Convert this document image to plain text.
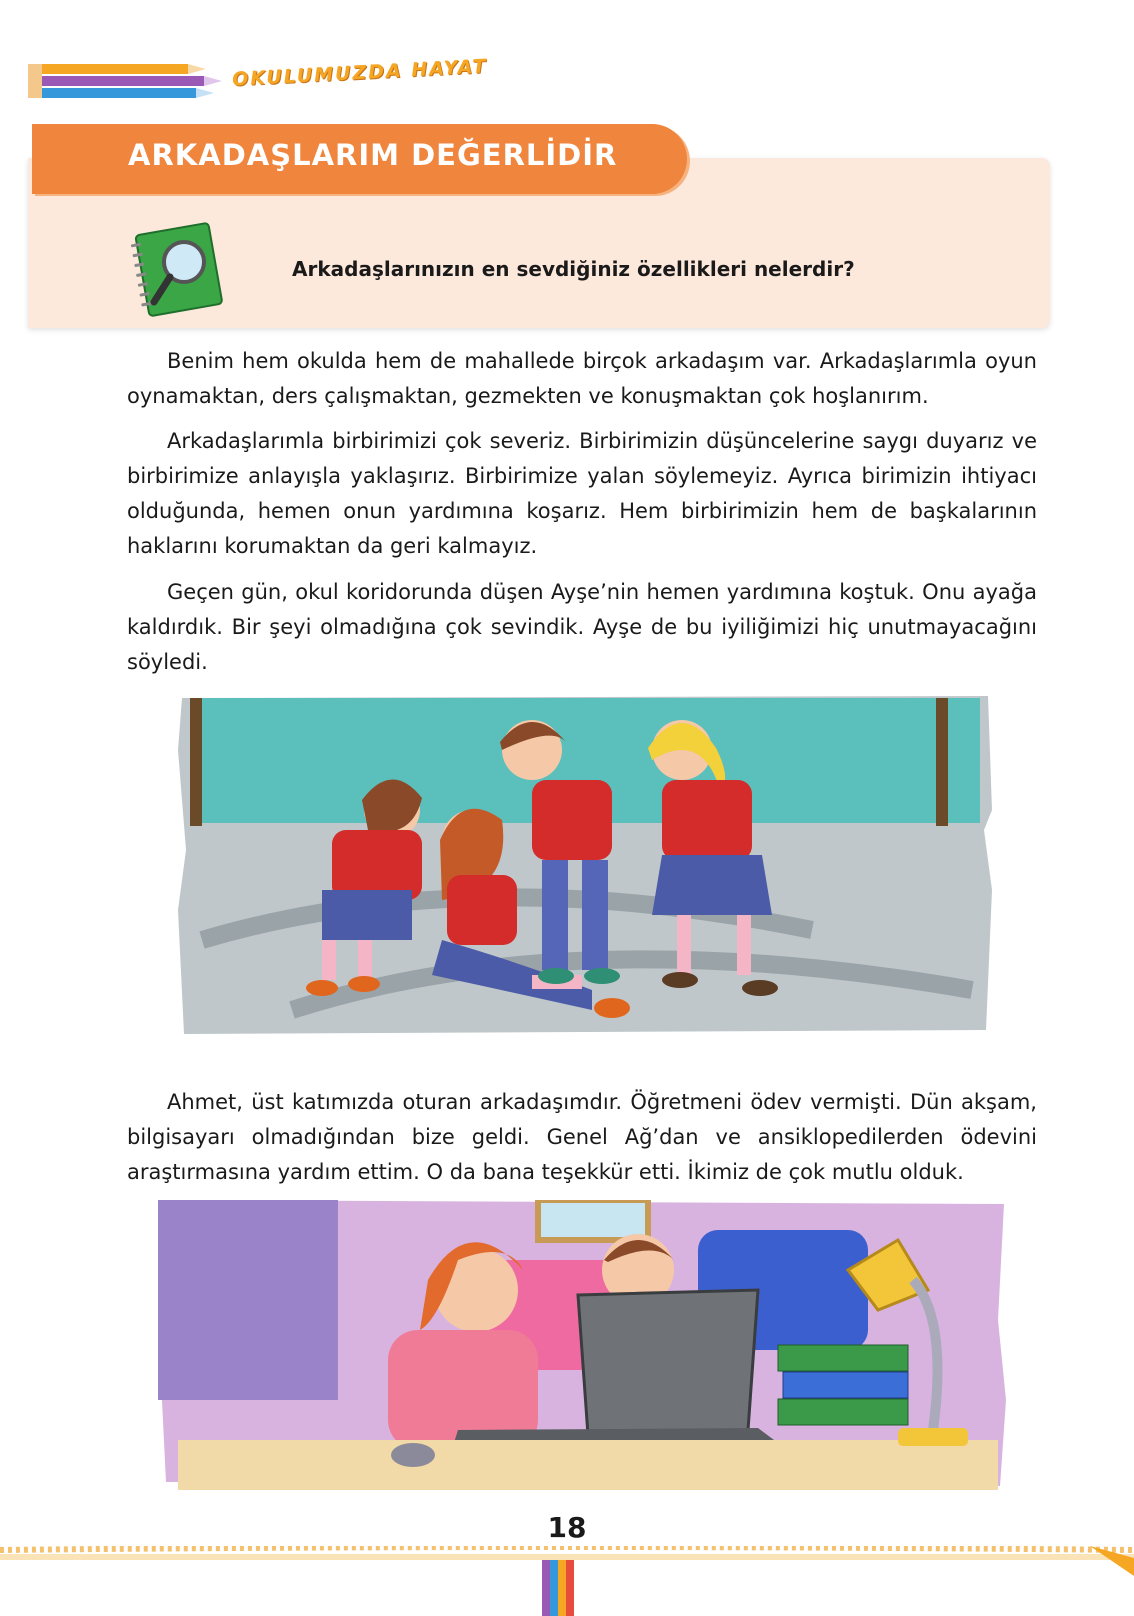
OKULUMUZDA HAYAT
ARKADAŞLARIM DEĞERLİDİR
Arkadaşlarınızın en sevdiğiniz özellikleri nelerdir?

Benim hem okulda hem de mahallede birçok arkadaşım var. Arkadaşlarımla oyun oynamaktan, ders çalışmaktan, gezmekten ve konuşmaktan çok hoşlanırım.

Arkadaşlarımla birbirimizi çok severiz. Birbirimizin düşüncelerine saygı duyarız ve birbirimize anlayışla yaklaşırız. Birbirimize yalan söylemeyiz. Ayrıca birimizin ihtiyacı olduğunda, hemen onun yardımına koşarız. Hem birbirimizin hem de başkalarının haklarını korumaktan da geri kalmayız.

Geçen gün, okul koridorunda düşen Ayşe’nin hemen yardımına koştuk. Onu ayağa kaldırdık. Bir şeyi olmadığına çok sevindik. Ayşe de bu iyiliğimizi hiç unutmayacağını söyledi.

Ahmet, üst katımızda oturan arkadaşımdır. Öğretmeni ödev vermişti. Dün akşam, bilgisayarı olmadığından bize geldi. Genel Ağ’dan ve ansiklopedilerden ödevini araştırmasına yardım ettim. O da bana teşekkür etti. İkimiz de çok mutlu olduk.

18
